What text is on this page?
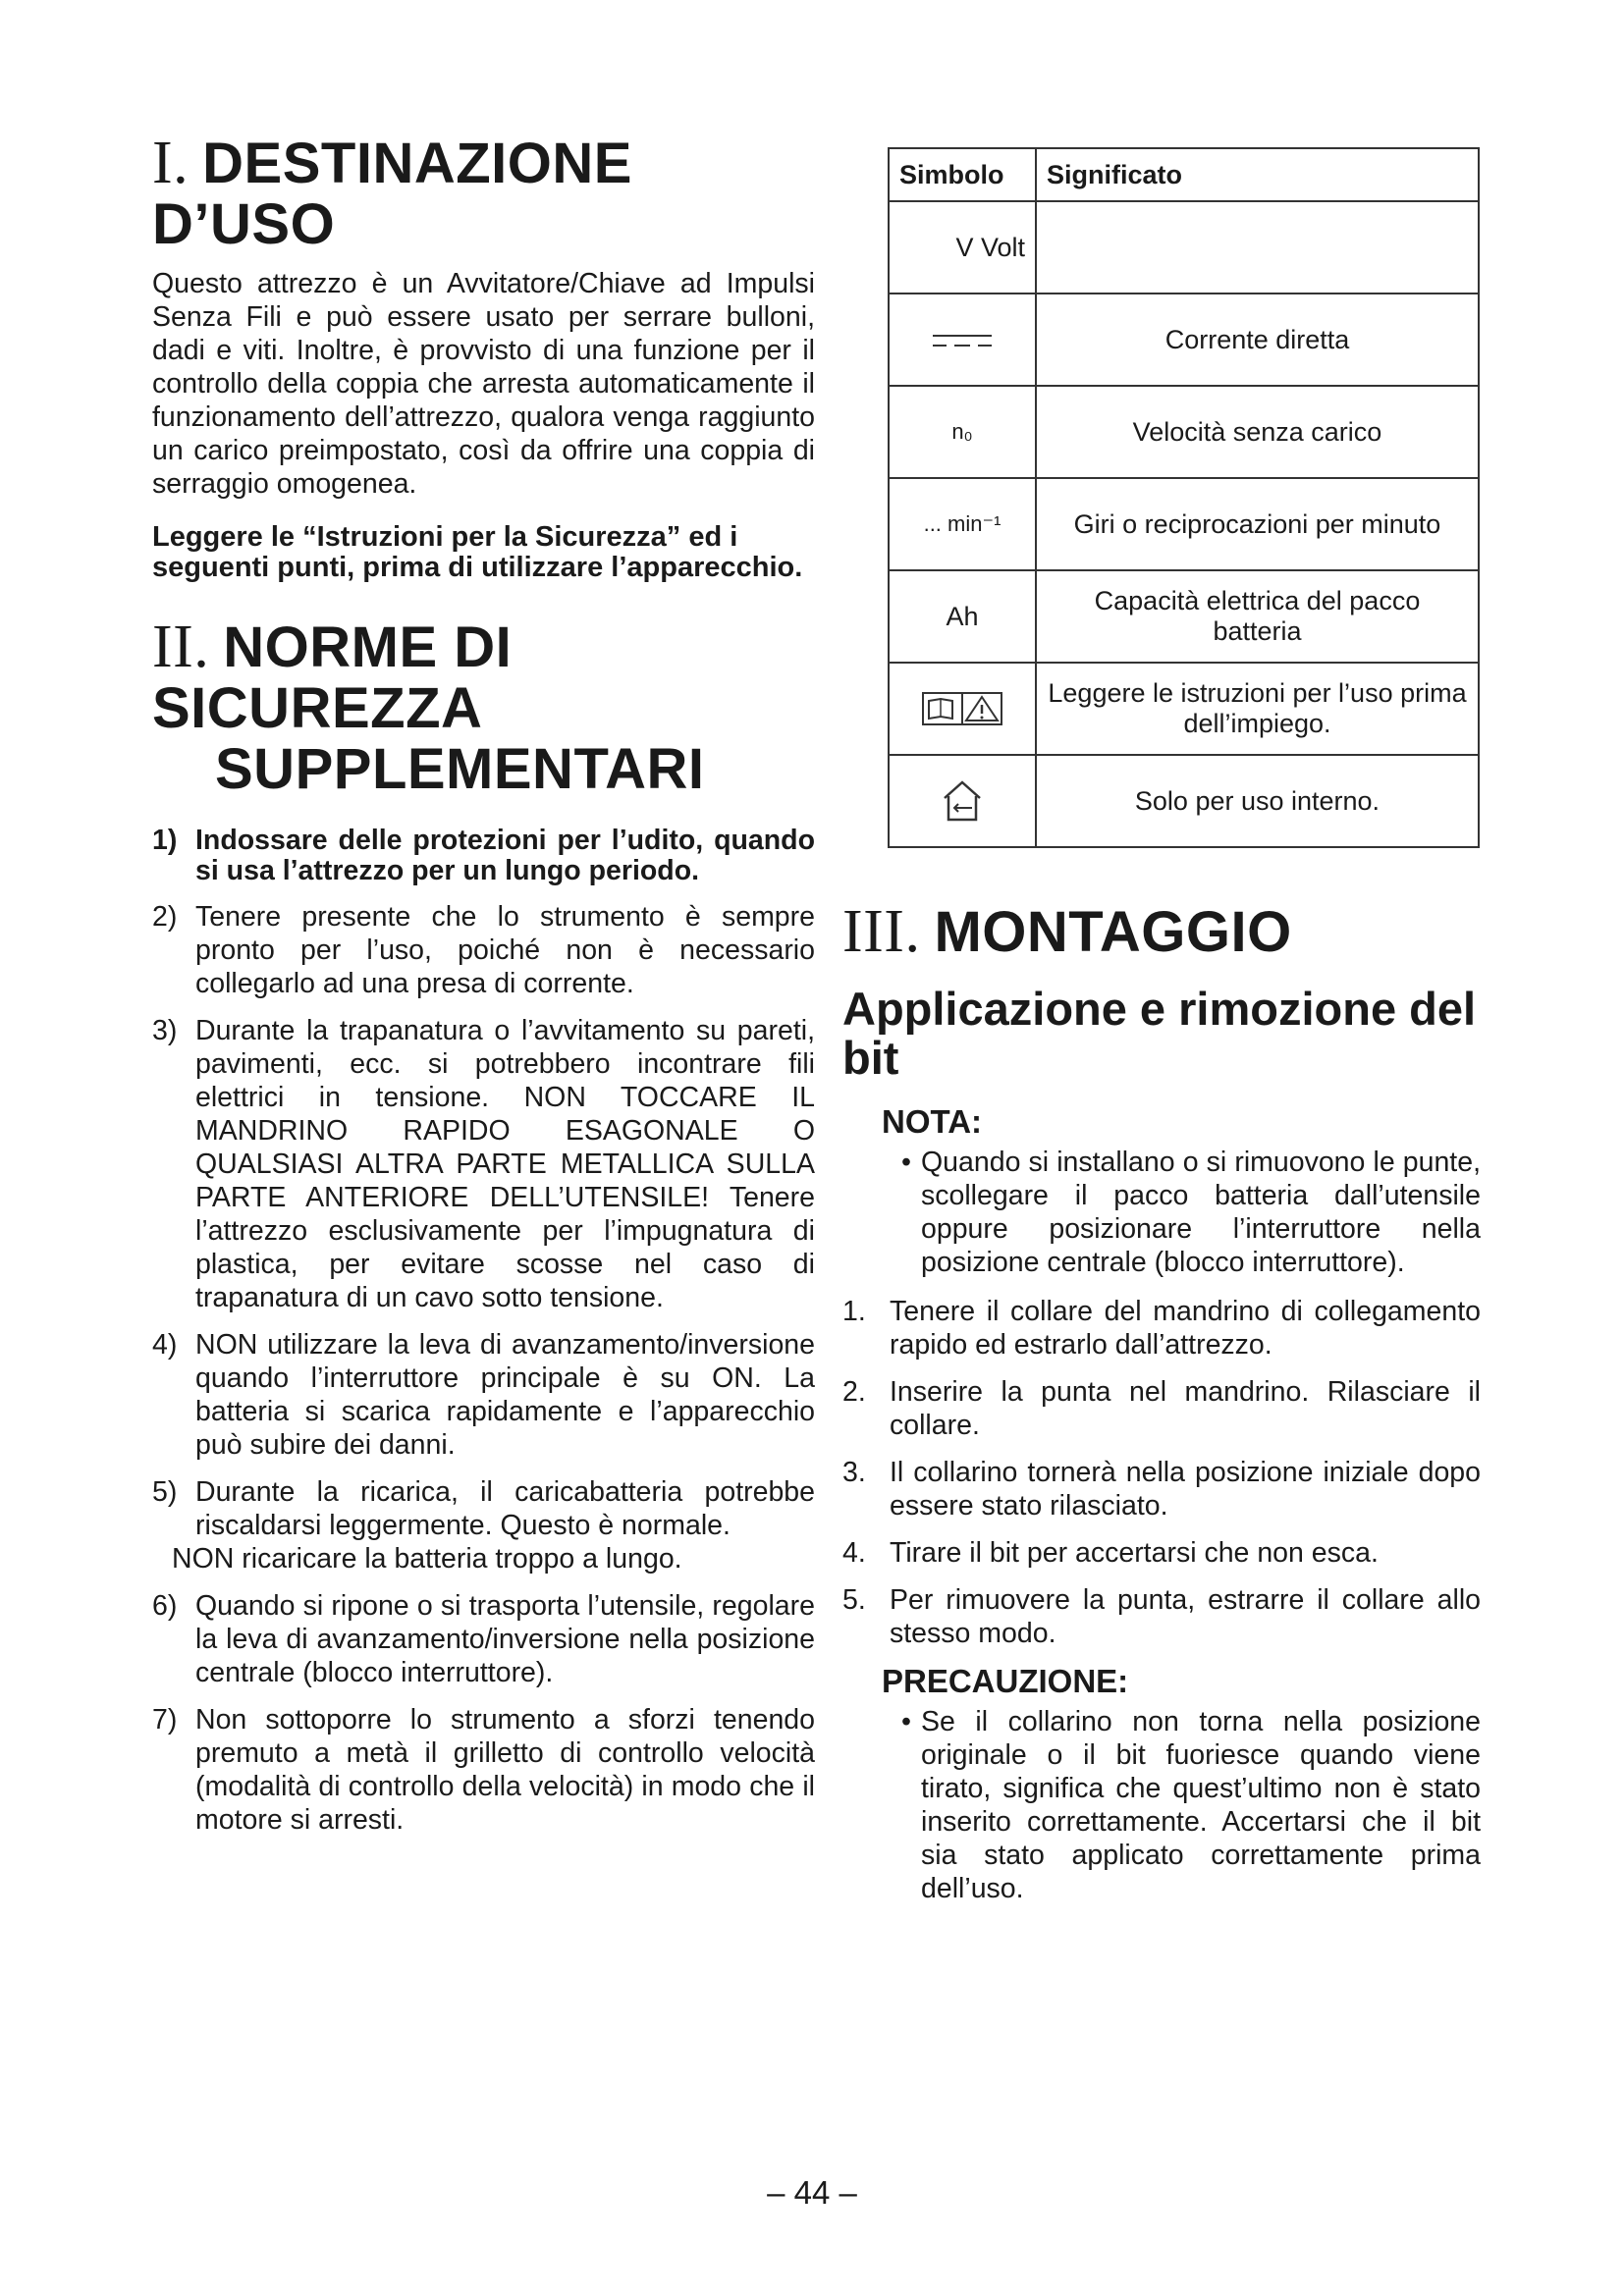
I. DESTINAZIONE D’USO

Questo attrezzo è un Avvitatore/Chiave ad Impulsi Senza Fili e può essere usato per serrare bulloni, dadi e viti. Inoltre, è provvisto di una funzione per il controllo della coppia che arresta automaticamente il funzionamento dell’attrezzo, qualora venga raggiunto un carico preimpostato, così da offrire una coppia di serraggio omogenea.

Leggere le “Istruzioni per la Sicurezza” ed i seguenti punti, prima di utilizzare l’apparecchio.

II. NORME DI SICUREZZA
SUPPLEMENTARI
1) Indossare delle protezioni per l’udito, quando si usa l’attrezzo per un lungo periodo.
2) Tenere presente che lo strumento è sempre pronto per l’uso, poiché non è necessario collegarlo ad una presa di corrente.
3) Durante la trapanatura o l’avvitamento su pareti, pavimenti, ecc. si potrebbero incontrare fili elettrici in tensione. NON TOCCARE IL MANDRINO RAPIDO ESAGONALE O QUALSIASI ALTRA PARTE METALLICA SULLA PARTE ANTERIORE DELL’UTENSILE! Tenere l’attrezzo esclusivamente per l’impugnatura di plastica, per evitare scosse nel caso di trapanatura di un cavo sotto tensione.
4) NON utilizzare la leva di avanzamento/inversione quando l’interruttore principale è su ON. La batteria si scarica rapidamente e l’apparecchio può subire dei danni.
5) Durante la ricarica, il caricabatteria potrebbe riscaldarsi leggermente. Questo è normale.
NON ricaricare la batteria troppo a lungo.
6) Quando si ripone o si trasporta l’utensile, regolare la leva di avanzamento/inversione nella posizione centrale (blocco interruttore).
7) Non sottoporre lo strumento a sforzi tenendo premuto a metà il grilletto di controllo velocità (modalità di controllo della velocità) in modo che il motore si arresti.
Simbolo	Significato
V Volt	
	Corrente diretta
n₀	Velocità senza carico
... min⁻¹	Giri o reciprocazioni per minuto
Ah	Capacità elettrica del pacco batteria
	Leggere le istruzioni per l’uso prima dell’impiego.
	Solo per uso interno.
III. MONTAGGIO
Applicazione e rimozione del bit
NOTA:

• Quando si installano o si rimuovono le punte, scollegare il pacco batteria dall’utensile oppure posizionare l’interruttore nella posizione centrale (blocco interruttore).

1. Tenere il collare del mandrino di collegamento rapido ed estrarlo dall’attrezzo.
2. Inserire la punta nel mandrino. Rilasciare il collare.
3. Il collarino tornerà nella posizione iniziale dopo essere stato rilasciato.
4. Tirare il bit per accertarsi che non esca.
5. Per rimuovere la punta, estrarre il collare allo stesso modo.
PRECAUZIONE:

• Se il collarino non torna nella posizione originale o il bit fuoriesce quando viene tirato, significa che quest’ultimo non è stato inserito correttamente. Accertarsi che il bit sia stato applicato correttamente prima dell’uso.

– 44 –
